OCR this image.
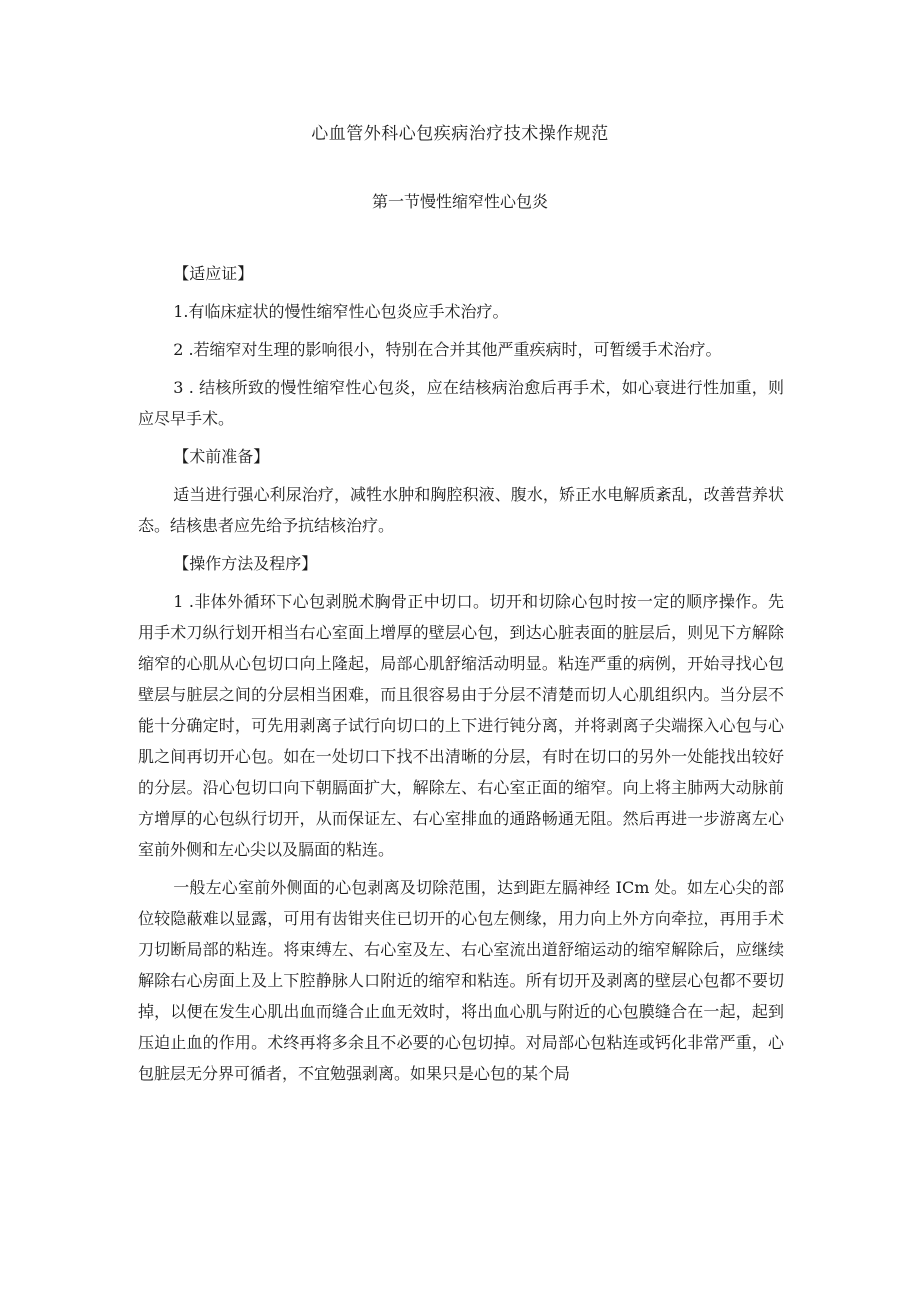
心血管外科心包疾病治疗技术操作规范
第一节慢性缩窄性心包炎

【适应证】

1.有临床症状的慢性缩窄性心包炎应手术治疗。

2 .若缩窄对生理的影响很小，特别在合并其他严重疾病时，可暂缓手术治疗。

3 . 结核所致的慢性缩窄性心包炎，应在结核病治愈后再手术，如心衰进行性加重，则应尽早手术。

【术前准备】

适当进行强心利尿治疗，减牲水肿和胸腔积液、腹水，矫正水电解质紊乱，改善营养状态。结核患者应先给予抗结核治疗。

【操作方法及程序】

1 .非体外循环下心包剥脱术胸骨正中切口。切开和切除心包时按一定的顺序操作。先用手术刀纵行划开相当右心室面上增厚的壁层心包，到达心脏表面的脏层后，则见下方解除缩窄的心肌从心包切口向上隆起，局部心肌舒缩活动明显。粘连严重的病例，开始寻找心包壁层与脏层之间的分层相当困难，而且很容易由于分层不清楚而切人心肌组织内。当分层不能十分确定时，可先用剥离子试行向切口的上下进行钝分离，并将剥离子尖端探入心包与心肌之间再切开心包。如在一处切口下找不出清晰的分层，有时在切口的另外一处能找出较好的分层。沿心包切口向下朝膈面扩大，解除左、右心室正面的缩窄。向上将主肺两大动脉前方增厚的心包纵行切开，从而保证左、右心室排血的通路畅通无阻。然后再进一步游离左心室前外侧和左心尖以及膈面的粘连。

一般左心室前外侧面的心包剥离及切除范围，达到距左膈神经 ICm 处。如左心尖的部位较隐蔽难以显露，可用有齿钳夹住已切开的心包左侧缘，用力向上外方向牵拉，再用手术刀切断局部的粘连。将束缚左、右心室及左、右心室流出道舒缩运动的缩窄解除后，应继续解除右心房面上及上下腔静脉人口附近的缩窄和粘连。所有切开及剥离的壁层心包都不要切掉，以便在发生心肌出血而缝合止血无效时，将出血心肌与附近的心包膜缝合在一起，起到压迫止血的作用。术终再将多余且不必要的心包切掉。对局部心包粘连或钙化非常严重，心包脏层无分界可循者，不宜勉强剥离。如果只是心包的某个局
